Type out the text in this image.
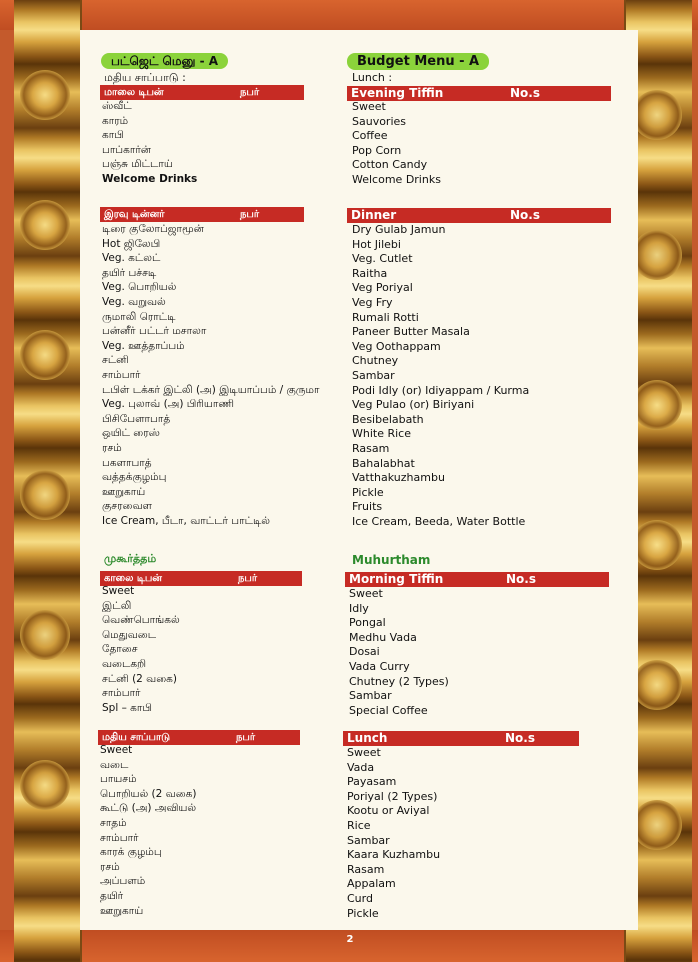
பட்ஜெட் மெனு - A
மதிய சாப்பாடு :
மாலை டிபன்	நபர்
ஸ்வீட்
காரம்
காபி
பாப்கார்ன்
பஞ்சு மிட்டாய்
Welcome Drinks
இரவு டின்னர்	நபர்
டிரை குலோப்ஜாமூன்
Hot ஜிலேபி
Veg. கட்லட்
தயிர் பச்சடி
Veg. பொறியல்
Veg. வறுவல்
ருமாலி ரொட்டி
பன்னீர் பட்டர் மசாலா
Veg. ஊத்தாப்பம்
சட்னி
சாம்பார்
டபிள் டக்கர் இட்லி (அ) இடியாப்பம் / குருமா
Veg. புலாவ் (அ) பிரியாணி
பிசிபேளாபாத்
ஒயிட் ரைஸ்
ரசம்
பகளாபாத்
வத்தக்குழம்பு
ஊறுகாய்
குசரவைள
Ice Cream, பீடா, வாட்டர் பாட்டில்
முகூர்த்தம்
காலை டிபன்	நபர்
Sweet
இட்லி
வெண்பொங்கல்
மெதுவடை
தோசை
வடைகறி
சட்னி (2 வகை)
சாம்பார்
Spl – காபி
மதிய சாப்பாடு	நபர்
Sweet
வடை
பாயசம்
பொறியல் (2 வகை)
கூட்டு (அ) அவியல்
சாதம்
சாம்பார்
காரக் குழம்பு
ரசம்
அப்பளம்
தயிர்
ஊறுகாய்
Budget Menu - A
Lunch :
Evening Tiffin	No.s
Sweet
Sauvories
Coffee
Pop Corn
Cotton Candy
Welcome Drinks
Dinner	No.s
Dry Gulab Jamun
Hot Jilebi
Veg. Cutlet
Raitha
Veg Poriyal
Veg Fry
Rumali Rotti
Paneer Butter Masala
Veg Oothappam
Chutney
Sambar
Podi Idly (or) Idiyappam / Kurma
Veg Pulao (or) Biriyani
Besibelabath
White Rice
Rasam
Bahalabhat
Vatthakuzhambu
Pickle
Fruits
Ice Cream, Beeda, Water Bottle
Muhurtham
Morning Tiffin	No.s
Sweet
Idly
Pongal
Medhu Vada
Dosai
Vada Curry
Chutney (2 Types)
Sambar
Special Coffee
Lunch	No.s
Sweet
Vada
Payasam
Poriyal (2 Types)
Kootu or Aviyal
Rice
Sambar
Kaara Kuzhambu
Rasam
Appalam
Curd
Pickle
2
